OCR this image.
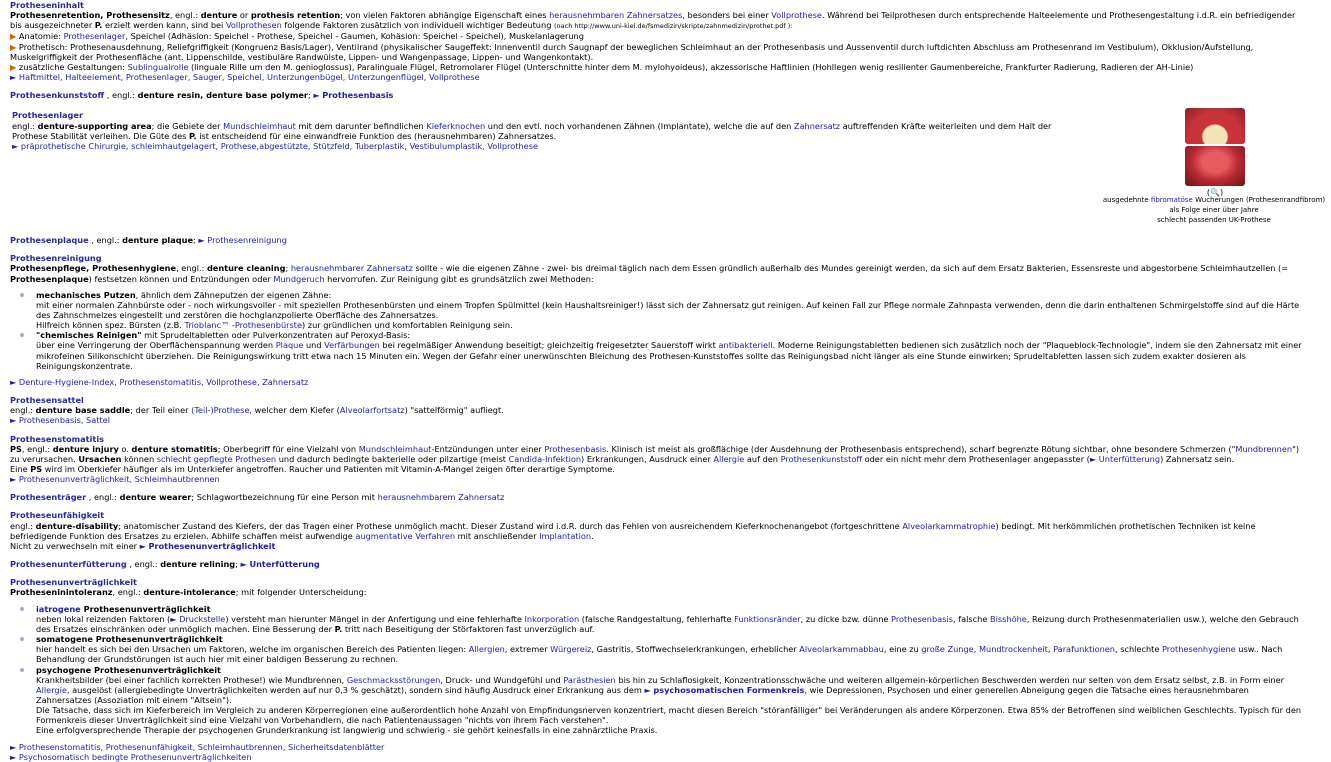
Protheseninhalt
Prothesenretention, Prothesensitz, engl.: denture or prothesis retention; von vielen Faktoren abhängige Eigenschaft eines herausnehmbaren Zahnersatzes, besonders bei einer Vollprothese. Während bei Teilprothesen durch entsprechende Halteelemente und Prothesengestaltung i.d.R. ein befriedigender bis ausgezeichneter P. erzielt werden kann, sind bei Vollprothesen folgende Faktoren zusätzlich von individuell wichtiger Bedeutung (nach http://www.uni-kiel.de/fsmedizin/skripte/zahnmedizin/prothet.pdf ):
▶ Anatomie: Prothesenlager, Speichel (Adhäsion: Speichel - Prothese, Speichel - Gaumen, Kohäsion: Speichel - Speichel), Muskelanlagerung
▶ Prothetisch: Prothesenausdehnung, Reliefgriffigkeit (Kongruenz Basis/Lager), Ventilrand (physikalischer Saugeffekt: Innenventil durch Saugnapf der beweglichen Schleimhaut an der Prothesenbasis und Aussenventil durch luftdichten Abschluss am Prothesenrand im Vestibulum), Okklusion/Aufstellung, Muskelgriffigkeit der Prothesenfläche (ant. Lippenschilde, vestibuläre Randwülste, Lippen- und Wangenpassage, Lippen- und Wangenkontakt).
▶ zusätzliche Gestaltungen: Sublingualrolle (linguale Rille um den M. genioglossus), Paralinguale Flügel, Retromolarer Flügel (Unterschnitte hinter dem M. mylohyoideus), akzessorische Haftlinien (Hohllegen wenig resilienter Gaumenbereiche, Frankfurter Radierung, Radieren der AH-Linie)
► Haftmittel, Halteelement, Prothesenlager, Sauger, Speichel, Unterzungenbügel, Unterzungenflügel, Vollprothese
Prothesenkunststoff , engl.: denture resin, denture base polymer; ► Prothesenbasis
Prothesenlager
engl.: denture-supporting area; die Gebiete der Mundschleimhaut mit dem darunter befindlichen Kieferknochen und den evtl. noch vorhandenen Zähnen (Implantate), welche die auf den Zahnersatz auftreffenden Kräfte weiterleiten und dem Halt der Prothese Stabilität verleihen. Die Güte des P. ist entscheidend für eine einwandfreie Funktion des (herausnehmbaren) Zahnersatzes.
► präprothetische Chirurgie, schleimhautgelagert, Prothese,abgestützte, Stützfeld, Tuberplastik, Vestibulumplastik, Vollprothese
Prothesenplaque , engl.: denture plaque; ► Prothesenreinigung
Prothesenreinigung
Prothesenpflege, Prothesenhygiene, engl.: denture cleaning; herausnehmbarer Zahnersatz sollte - wie die eigenen Zähne - zwei- bis dreimal täglich nach dem Essen gründlich außerhalb des Mundes gereinigt werden, da sich auf dem Ersatz Bakterien, Essensreste und abgestorbene Schleimhautzellen (= Prothesenplaque) festsetzen können und Entzündungen oder Mundgeruch hervorrufen. Zur Reinigung gibt es grundsätzlich zwei Methoden:
mechanisches Putzen, ähnlich dem Zähneputzen der eigenen Zähne:
mit einer normalen Zahnbürste oder - noch wirkungsvoller - mit speziellen Prothesenbürsten und einem Tropfen Spülmittel (kein Haushaltsreiniger!) lässt sich der Zahnersatz gut reinigen. Auf keinen Fall zur Pflege normale Zahnpasta verwenden, denn die darin enthaltenen Schmirgelstoffe sind auf die Härte des Zahnschmelzes eingestellt und zerstören die hochglanzpolierte Oberfläche des Zahnersatzes.
Hilfreich können spez. Bürsten (z.B. Trioblanc™ -Prothesenbürste) zur gründlichen und komfortablen Reinigung sein.
"chemisches Reinigen" mit Sprudeltabletten oder Pulverkonzentraten auf Peroxyd-Basis:
über eine Verringerung der Oberflächenspannung werden Plaque und Verfärbungen bei regelmäßiger Anwendung beseitigt; gleichzeitig freigesetzter Sauerstoff wirkt antibakteriell. Moderne Reinigungstabletten bedienen sich zusätzlich noch der "Plaqueblock-Technologie", indem sie den Zahnersatz mit einer mikrofeinen Silikonschicht überziehen. Die Reinigungswirkung tritt etwa nach 15 Minuten ein. Wegen der Gefahr einer unerwünschten Bleichung des Prothesen-Kunststoffes sollte das Reinigungsbad nicht länger als eine Stunde einwirken; Sprudeltabletten lassen sich zudem exakter dosieren als Reinigungskonzentrate.
► Denture-Hygiene-Index, Prothesenstomatitis, Vollprothese, Zahnersatz
Prothesensattel
engl.: denture base saddle; der Teil einer (Teil-)Prothese, welcher dem Kiefer (Alveolarfortsatz) "sattelförmig" aufliegt.
► Prothesenbasis, Sattel
Prothesenstomatitis
PS, engl.: denture injury o. denture stomatitis; Oberbegriff für eine Vielzahl von Mundschleimhaut-Entzündungen unter einer Prothesenbasis. Klinisch ist meist als großflächige (der Ausdehnung der Prothesenbasis entsprechend), scharf begrenzte Rötung sichtbar, ohne besondere Schmerzen ("Mundbrennen") zu verursachen. Ursachen können schlecht gepflegte Prothesen und dadurch bedingte bakterielle oder pilzartige (meist Candida-Infektion) Erkrankungen, Ausdruck einer Allergie auf den Prothesenkunststoff oder ein nicht mehr dem Prothesenlager angepasster (► Unterfütterung) Zahnersatz sein.
Eine PS wird im Oberkiefer häufiger als im Unterkiefer angetroffen. Raucher und Patienten mit Vitamin-A-Mangel zeigen öfter derartige Symptome.
► Prothesenunverträglichkeit, Schleimhautbrennen
Prothesenträger , engl.: denture wearer; Schlagwortbezeichnung für eine Person mit herausnehmbarem Zahnersatz
Protheseunfähigkeit
engl.: denture-disability; anatomischer Zustand des Kiefers, der das Tragen einer Prothese unmöglich macht. Dieser Zustand wird i.d.R. durch das Fehlen von ausreichendem Kieferknochenangebot (fortgeschrittene Alveolarkammatrophie) bedingt. Mit herkömmlichen prothetischen Techniken ist keine befriedigende Funktion des Ersatzes zu erzielen. Abhilfe schaffen meist aufwendige augmentative Verfahren mit anschließender Implantation.
Nicht zu verwechseln mit einer ► Prothesenunverträglichkeit
Prothesenunterfütterung , engl.: denture relining; ► Unterfütterung
Prothesenunverträglichkeit
Protheseninintoleranz, engl.: denture-intolerance; mit folgender Unterscheidung:
iatrogene Prothesenunverträglichkeit
neben lokal reizenden Faktoren (► Druckstelle) versteht man hierunter Mängel in der Anfertigung und eine fehlerhafte Inkorporation (falsche Randgestaltung, fehlerhafte Funktionsränder, zu dicke bzw. dünne Prothesenbasis, falsche Bisshöhe, Reizung durch Prothesenmaterialien usw.), welche den Gebrauch des Ersatzes einschränken oder unmöglich machen. Eine Besserung der P. tritt nach Beseitigung der Störfaktoren fast unverzüglich auf.
somatogene Prothesenunverträglichkeit
hier handelt es sich bei den Ursachen um Faktoren, welche im organischen Bereich des Patienten liegen: Allergien, extremer Würgereiz, Gastritis, Stoffwechselerkrankungen, erheblicher Alveolarkammabbau, eine zu große Zunge, Mundtrockenheit, Parafunktionen, schlechte Prothesenhygiene usw.. Nach Behandlung der Grundstörungen ist auch hier mit einer baldigen Besserung zu rechnen.
psychogene Prothesenunverträglichkeit
Krankheitsbilder (bei einer fachlich korrekten Prothese!) wie Mundbrennen, Geschmacksstörungen, Druck- und Wundgefühl und Parästhesien bis hin zu Schlaflosigkeit, Konzentrationsschwäche und weiteren allgemein-körperlichen Beschwerden werden nur selten von dem Ersatz selbst, z.B. in Form einer Allergie, ausgelöst (allergiebedingte Unverträglichkeiten werden auf nur 0,3 % geschätzt), sondern sind häufig Ausdruck einer Erkrankung aus dem ► psychosomatischen Formenkreis, wie Depressionen, Psychosen und einer generellen Abneigung gegen die Tatsache eines herausnehmbaren Zahnersatzes (Assoziation mit einem "Altsein").
Die Tatsache, dass sich im Kieferbereich im Vergleich zu anderen Körperregionen eine außerordentlich hohe Anzahl von Empfindungsnerven konzentriert, macht diesen Bereich "störanfälliger" bei Veränderungen als andere Körperzonen. Etwa 85% der Betroffenen sind weiblichen Geschlechts. Typisch für den Formenkreis dieser Unverträglichkeit sind eine Vielzahl von Vorbehandlern, die nach Patientenaussagen "nichts von ihrem Fach verstehen".
Eine erfolgversprechende Therapie der psychogenen Grunderkrankung ist langwierig und schwierig - sie gehört keinesfalls in eine zahnärztliche Praxis.
► Prothesenstomatitis, Prothesenunfähigkeit, Schleimhautbrennen, Sicherheitsdatenblätter
► Psychosomatisch bedingte Prothesenunverträglichkeiten
(🔍)
ausgedehnte fibromatöse Wucherungen (Prothesenrandfibrom) als Folge einer über Jahre
schlecht passenden UK-Prothese
